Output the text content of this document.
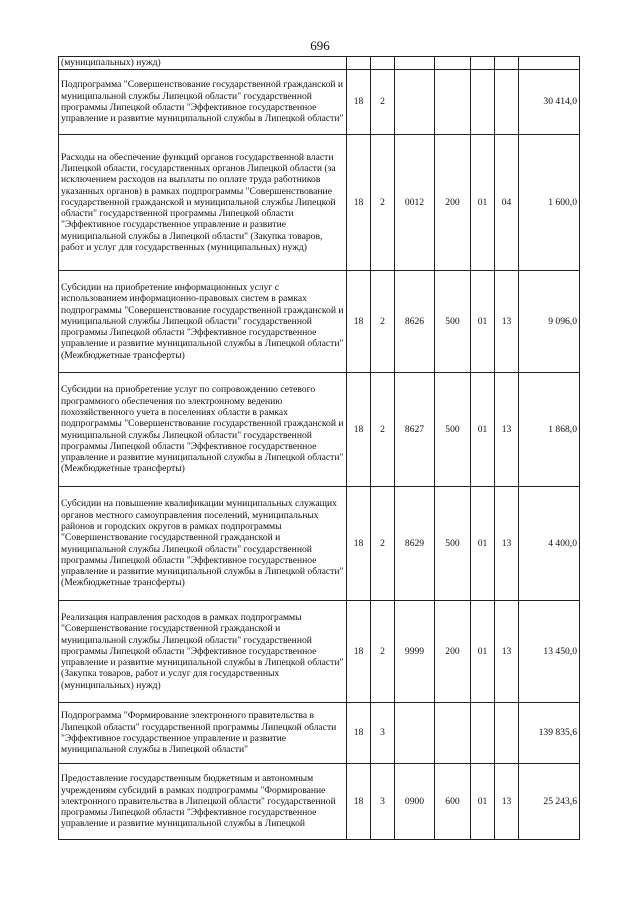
696
(муниципальных) нужд)							
Подпрограмма "Совершенствование государственной гражданской и муниципальной службы Липецкой области" государственной программы Липецкой области "Эффективное государственное управление и развитие муниципальной службы в Липецкой области"	18	2					30 414,0
Расходы на обеспечение функций органов государственной власти Липецкой области, государственных органов Липецкой области (за исключением расходов на выплаты по оплате труда работников указанных органов) в рамках подпрограммы "Совершенствование государственной гражданской и муниципальной службы Липецкой области" государственной программы Липецкой области "Эффективное государственное управление и развитие муниципальной службы в Липецкой области" (Закупка товаров, работ и услуг для государственных (муниципальных) нужд)	18	2	0012	200	01	04	1 600,0
Субсидии на приобретение информационных услуг с использованием информационно-правовых систем в рамках подпрограммы "Совершенствование государственной гражданской и муниципальной службы Липецкой области" государственной программы Липецкой области "Эффективное государственное управление и развитие муниципальной службы в Липецкой области" (Межбюджетные трансферты)	18	2	8626	500	01	13	9 096,0
Субсидии на приобретение услуг по сопровождению сетевого программного обеспечения по электронному ведению похозяйственного учета в поселениях области в рамках подпрограммы "Совершенствование государственной гражданской и муниципальной службы Липецкой области" государственной программы Липецкой области "Эффективное государственное управление и развитие муниципальной службы в Липецкой области" (Межбюджетные трансферты)	18	2	8627	500	01	13	1 868,0
Субсидии на повышение квалификации муниципальных служащих органов местного самоуправления поселений, муниципальных районов и городских округов в рамках подпрограммы "Совершенствование государственной гражданской и муниципальной службы Липецкой области" государственной программы Липецкой области "Эффективное государственное управление и развитие муниципальной службы в Липецкой области" (Межбюджетные трансферты)	18	2	8629	500	01	13	4 400,0
Реализация направления расходов в рамках подпрограммы "Совершенствование государственной гражданской и муниципальной службы Липецкой области" государственной программы Липецкой области "Эффективное государственное управление и развитие муниципальной службы в Липецкой области" (Закупка товаров, работ и услуг для государственных (муниципальных) нужд)	18	2	9999	200	01	13	13 450,0
Подпрограмма "Формирование электронного правительства в Липецкой области" государственной программы Липецкой области "Эффективное государственное управление и развитие муниципальной службы в Липецкой области"	18	3					139 835,6
Предоставление государственным бюджетным и автономным учреждениям субсидий в рамках подпрограммы "Формирование электронного правительства в Липецкой области" государственной программы Липецкой области "Эффективное государственное управление и развитие муниципальной службы в Липецкой	18	3	0900	600	01	13	25 243,6
